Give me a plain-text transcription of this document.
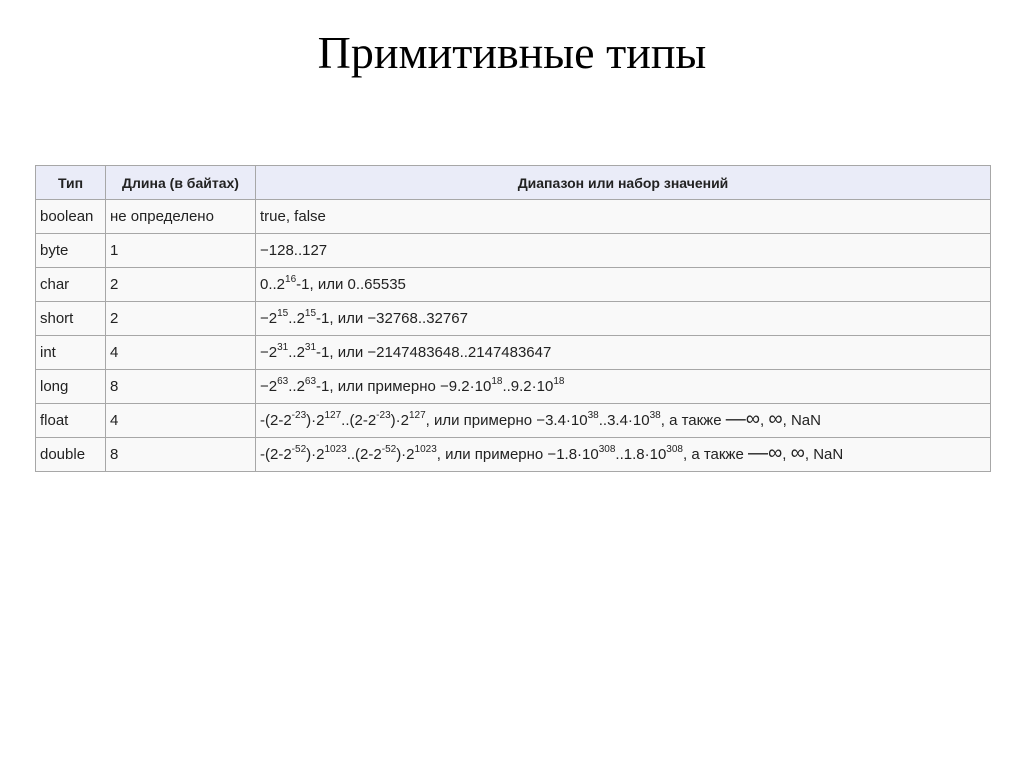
Примитивные типы
Тип	Длина (в байтах)	Диапазон или набор значений
boolean	не определено	true, false
byte	1	−128..127
char	2	0..2$^{16}$-1, или 0..65535
short	2	$-2^{15}..2^{15}-1$, или −32768..32767
int	4	$-2^{31}..2^{31}-1$, или −2147483648..2147483647
long	8	$-2^{63}..2^{63}-1$, или примерно $-9.2\cdot 10^{18}..9.2\cdot 10^{18}$
float	4	$-(2-2^{-23})\cdot 2^{127}..(2-2^{-23})\cdot 2^{127}$, или примерно $-3.4\cdot 10^{38}..3.4\cdot 10^{38}$, а также —∞, ∞, NaN
double	8	$-(2-2^{-52})\cdot 2^{1023}..(2-2^{-52})\cdot 2^{1023}$, или примерно $-1.8\cdot 10^{308}..1.8\cdot 10^{308}$, а также —∞, ∞, NaN
